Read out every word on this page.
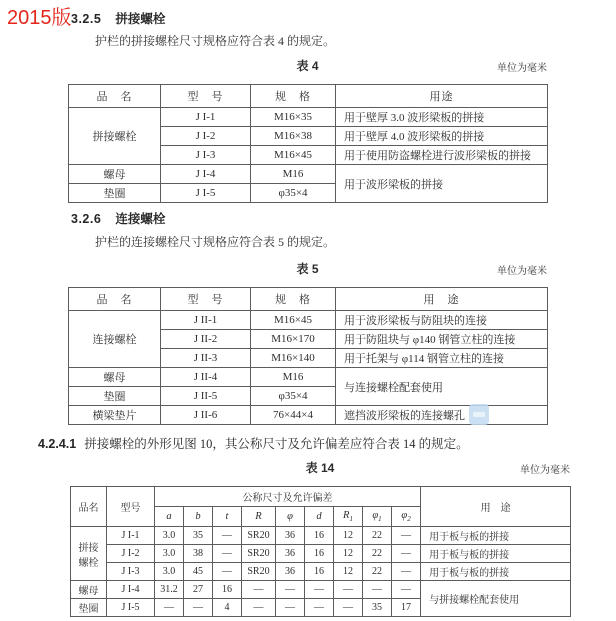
2015版 3.2.5 拼接螺栓
护栏的拼接螺栓尺寸规格应符合表 4 的规定。
表 4	单位为毫米
品　名	型　号	规　格	用途
拼接螺栓	J I-1	M16×35	用于壁厚 3.0 波形梁板的拼接
	J I-2	M16×38	用于壁厚 4.0 波形梁板的拼接
	J I-3	M16×45	用于使用防盗螺栓进行波形梁板的拼接
螺母	J I-4	M16	用于波形梁板的拼接
垫圈	J I-5	φ35×4	
3.2.6 连接螺栓
护栏的连接螺栓尺寸规格应符合表 5 的规定。
表 5	单位为毫米
品　名	型　号	规　格	用　途
连接螺栓	J II-1	M16×45	用于波形梁板与防阻块的连接
	J II-2	M16×170	用于防阻块与 φ140 钢管立柱的连接
	J II-3	M16×140	用于托架与 φ114 钢管立柱的连接
螺母	J II-4	M16	与连接螺栓配套使用
垫圈	J II-5	φ35×4	
横梁垫片	J II-6	76×44×4	遮挡波形梁板的连接螺孔
4.2.4.1 拼接螺栓的外形见图 10，其公称尺寸及允许偏差应符合表 14 的规定。
表 14	单位为毫米
品名	型号	公称尺寸及允许偏差									用　途
		a	b	t	R	φ	d	$R_1$	$\varphi_1$	$\varphi_2$
拼接螺栓	J I-1	3.0	35	—	SR20	36	16	12	22	—	用于板与板的拼接
	J I-2	3.0	38	—	SR20	36	16	12	22	—	用于板与板的拼接
	J I-3	3.0	45	—	SR20	36	16	12	22	—	用于板与板的拼接
螺母	J I-4	31.2	27	16	—	—	—	—	—	—	与拼接螺栓配套使用
垫圈	J I-5	—	—	4	—	—	—	—	35	17	
